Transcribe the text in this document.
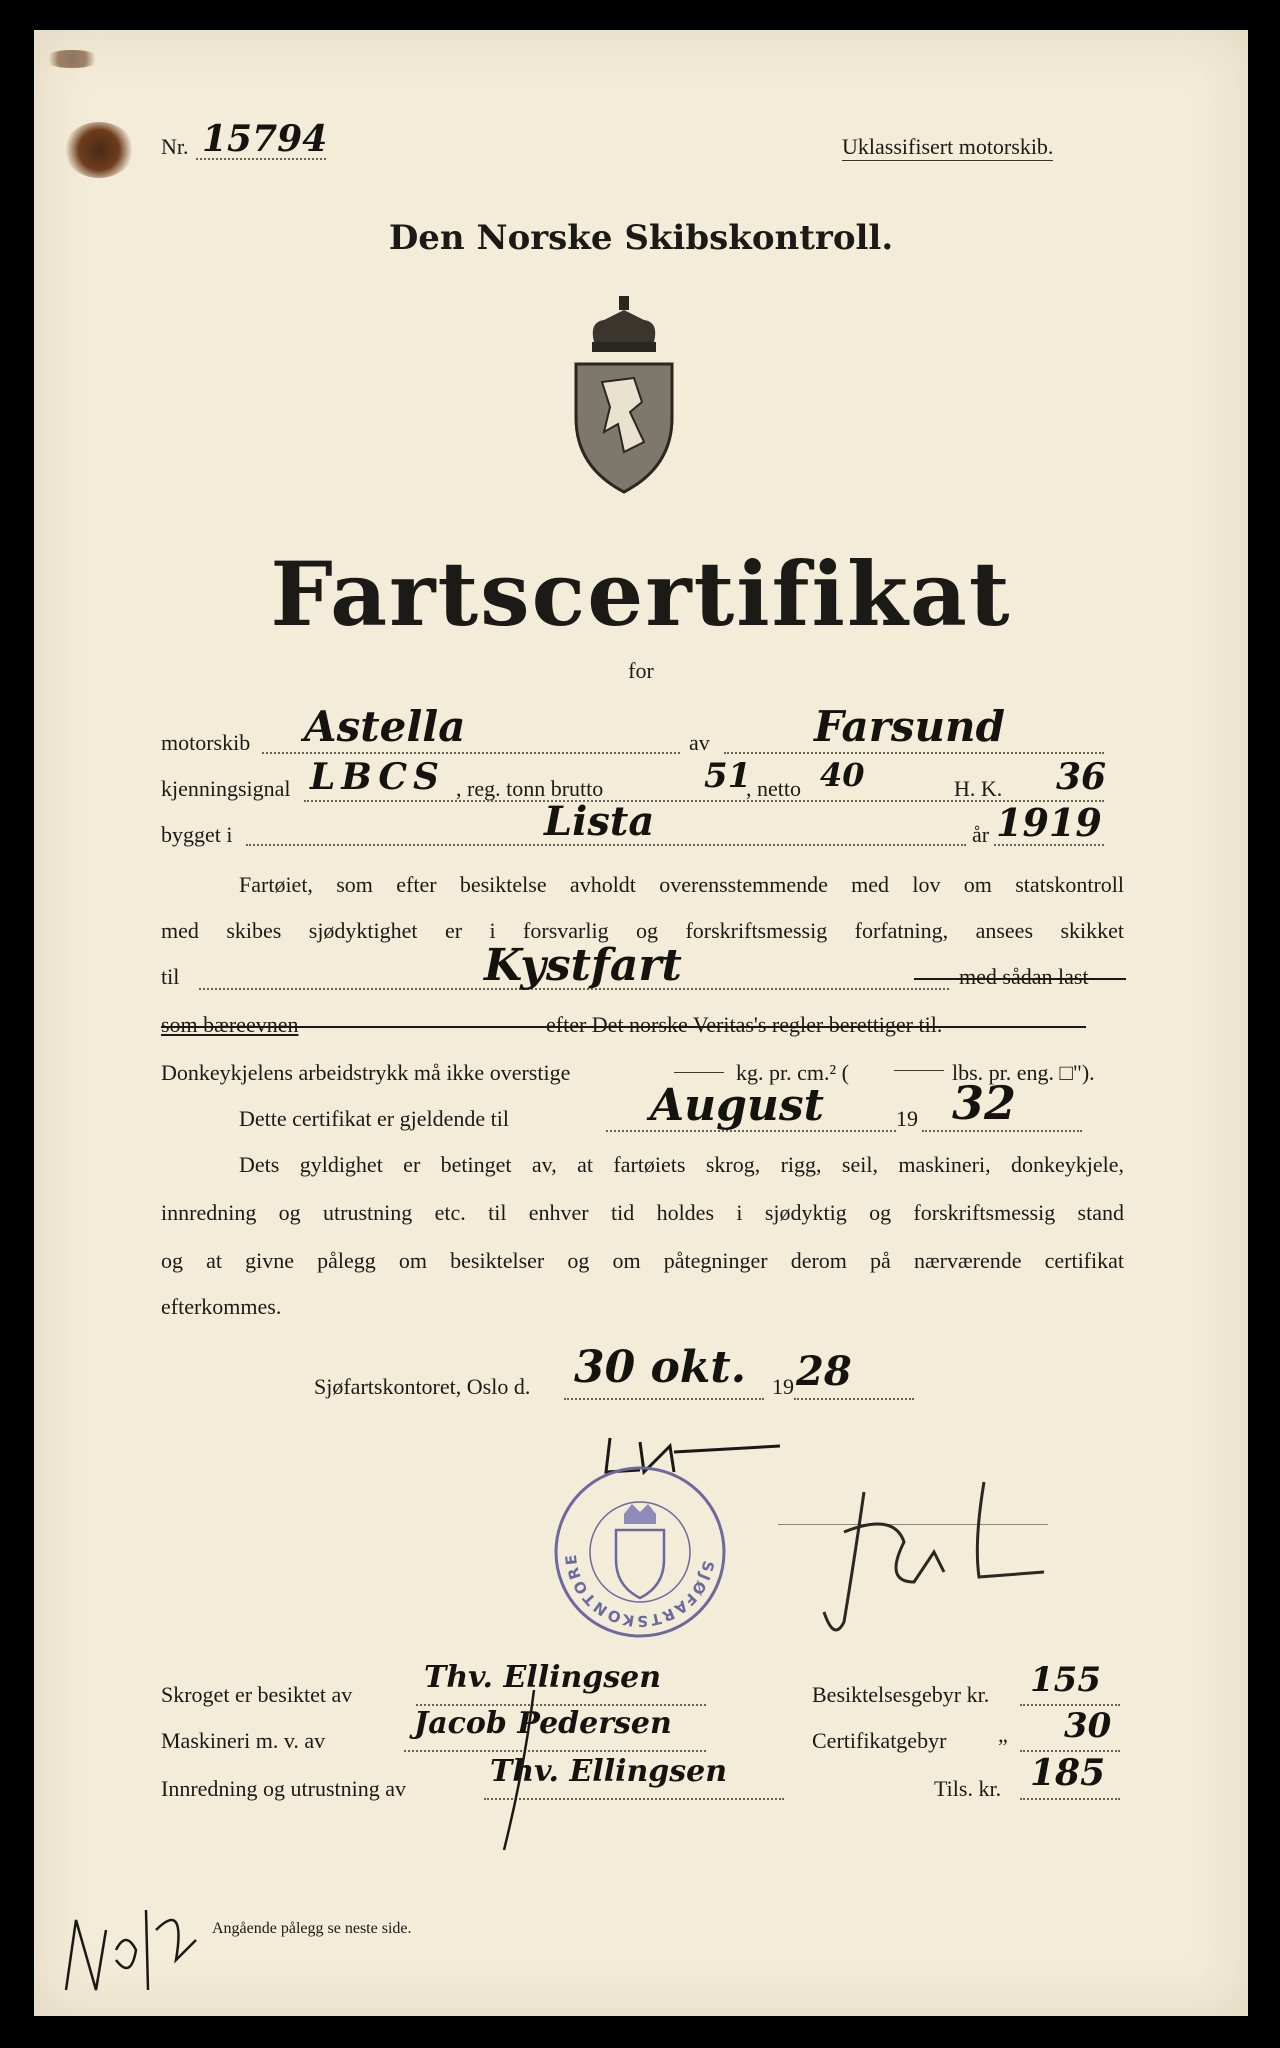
Nr. 15794	Uklassifisert motorskib.
Den Norske Skibskontroll.
Fartscertifikat
for
motorskib Astella	av Farsund
kjenningsignal LBCS , reg. tonn brutto	51
, netto 40	H. K. 36
bygget i	Lista	år 1919
Fartøiet, som efter besiktelse avholdt overensstemmende med lov om statskontroll
med skibes sjødyktighet er i forsvarlig og forskriftsmessig forfatning, ansees skikket
til	Kystfart	med sådan last
som bæreevnen	efter Det norske Veritas's regler berettiger til.
Donkeykjelens arbeidstrykk må ikke overstige	kg. pr. cm.² (	lbs. pr. eng. □").
Dette certifikat er gjeldende til	August	19 32
Dets gyldighet er betinget av, at fartøiets skrog, rigg, seil, maskineri, donkeykjele,
innredning og utrustning etc. til enhver tid holdes i sjødyktig og forskriftsmessig stand
og at givne pålegg om besiktelser og om påtegninger derom på nærværende certifikat
efterkommes.
Sjøfartskontoret, Oslo d. 30 okt. 19 28
SJØFARTSKONTORE
Skroget er besiktet av Thv. Ellingsen
Maskineri m. v. av	Jacob Pedersen
Innredning og utrustning av	Thv. Ellingsen
Besiktelsesgebyr kr. 155
Certifikatgebyr „ 30
Tils. kr. 185
Angående pålegg se neste side.
